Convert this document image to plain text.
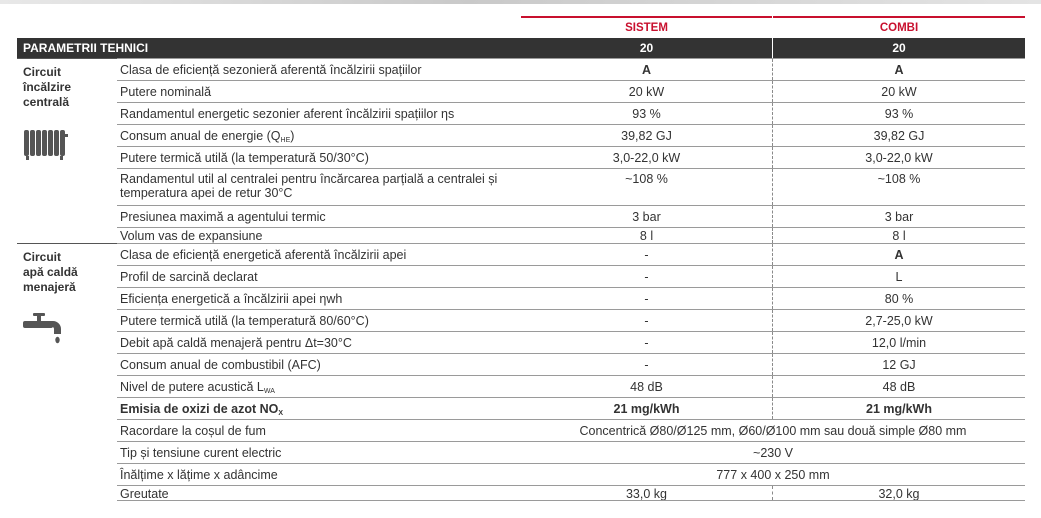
SISTEM	COMBI
PARAMETRII TEHNICI	20	20
Circuit
încălzire
centrală
Circuit
apă caldă
menajeră
Clasa de eficiență sezonieră aferentă încălzirii spațiilor	A	A
Putere nominală	20 kW	20 kW
Randamentul energetic sezonier aferent încălzirii spațiilor ηs	93 %	93 %
Consum anual de energie $(Q_{HE})$	39,82 GJ	39,82 GJ
Putere termică utilă (la temperatură 50/30°C)	3,0-22,0 kW	3,0-22,0 kW
Randamentul util al centralei pentru încărcarea parțială a centralei și temperatura apei de retur 30°C
~108 %	~108 %
Presiunea maximă a agentului termic	3 bar	3 bar
Volum vas de expansiune	8 l	8 l
Clasa de eficiență energetică aferentă încălzirii apei	-	A
Profil de sarcină declarat	-	L
Eficiența energetică a încălzirii apei ηwh	-	80 %
Putere termică utilă (la temperatură 80/60°C)	-	2,7-25,0 kW
Debit apă caldă menajeră pentru Δt=30°C	-	12,0 l/min
Consum anual de combustibil (AFC)	-	12 GJ
Nivel de putere acustică $L_{WA}$	48 dB	48 dB
Emisia de oxizi de azot $NO_X$	21 mg/kWh	21 mg/kWh
Racordare la coșul de fum	Concentrică Ø80/Ø125 mm, Ø60/Ø100 mm sau două simple Ø80 mm
Tip și tensiune curent electric	~230 V
Înălțime x lățime x adâncime	777 x 400 x 250 mm
Greutate	33,0 kg	32,0 kg
